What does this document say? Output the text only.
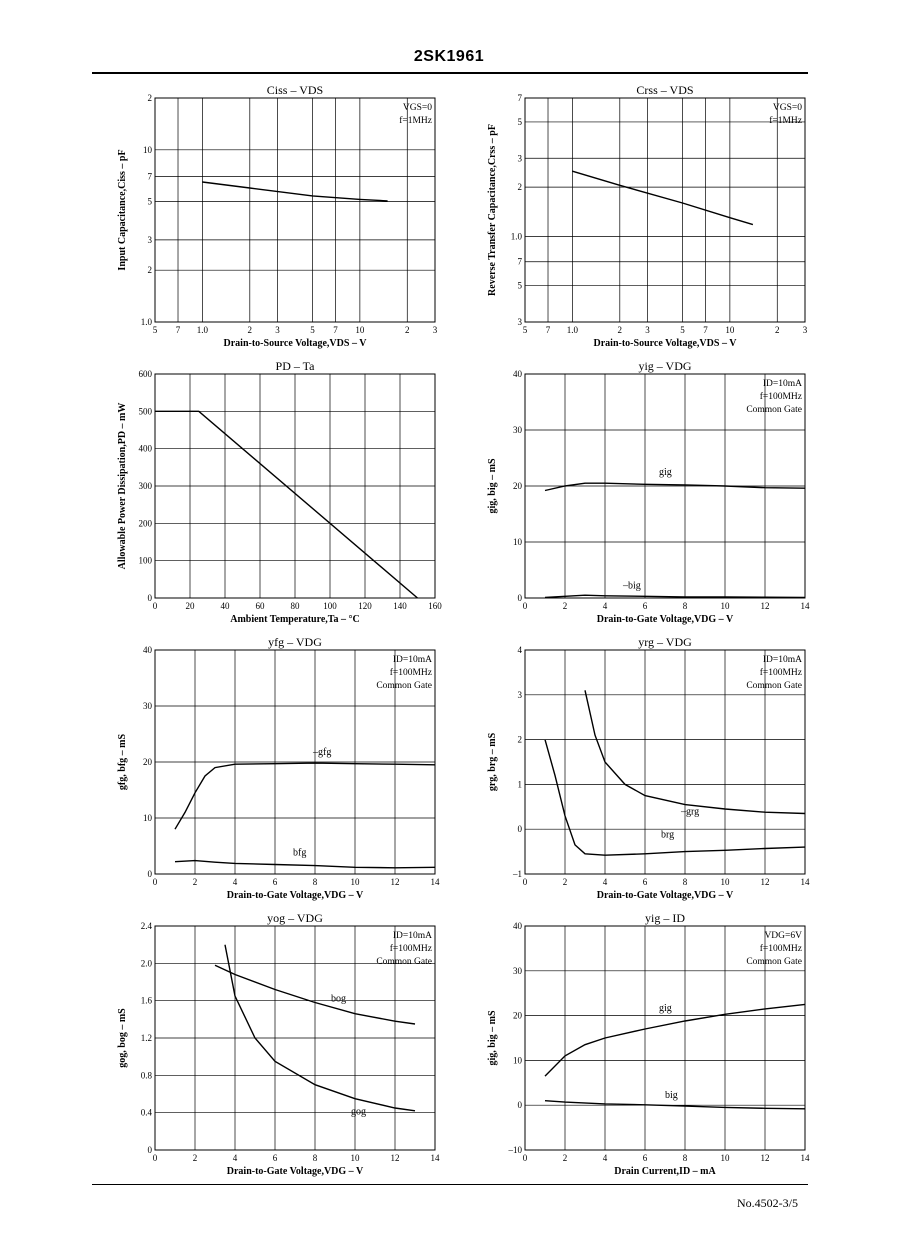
2SK1961
5 7 1.0	2	3	5 7 10	2	3
1.0
2
3
5
7
10
2
Ciss – VDS
Drain-to-Source Voltage,VDS – V
Input Capacitance,Ciss – pF
VGS=0
f=1MHz
5 7 1.0	2	3	5 7 10	2	3
3
5
7
1.0
2
3
5
7
Crss – VDS
Drain-to-Source Voltage,VDS – V
Reverse Transfer Capacitance,Crss – pF
VGS=0
f=1MHz
0	20	40	60	80	100 120 140 160
0
100
200
300
400
500
600
PD – Ta
Ambient Temperature,Ta – °C
Allowable Power Dissipation,PD – mW
0	2	4	6	8	10	12	14
0
10
20
30
40
yig – VDG
Drain-to-Gate Voltage,VDG – V
gig, big – mS
ID=10mA
f=100MHz
Common Gate
gig
–big
0	2	4	6	8	10	12	14
0
10
20
30
40
yfg – VDG
Drain-to-Gate Voltage,VDG – V
gfg, bfg – mS
ID=10mA
f=100MHz
Common Gate
–gfg
bfg
0	2	4	6	8	10	12	14
–1
0
1
2
3
4
yrg – VDG
Drain-to-Gate Voltage,VDG – V
grg, brg – mS
ID=10mA
f=100MHz
Common Gate
–grg
brg
0	2	4	6	8	10	12	14
0
0.4
0.8
1.2
1.6
2.0
2.4
yog – VDG
Drain-to-Gate Voltage,VDG – V
gog, bog – mS
ID=10mA
f=100MHz
Common Gate
bog
gog
0	2	4	6	8	10	12	14
–10
0
10
20
30
40
yig – ID
Drain Current,ID – mA
gig, big – mS
VDG=6V
f=100MHz
Common Gate
gig
big
No.4502-3/5
